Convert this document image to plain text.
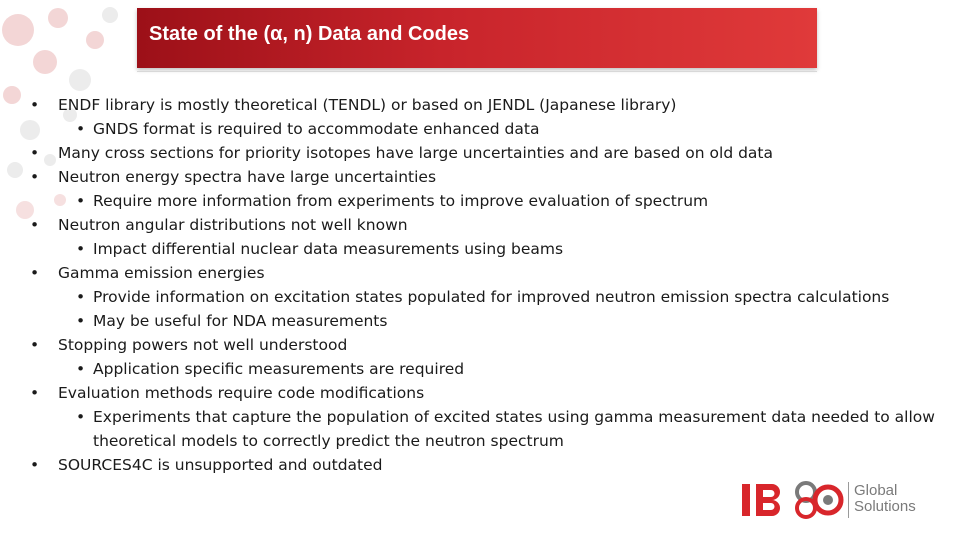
State of the (α, n) Data and Codes
• ENDF library is mostly theoretical (TENDL) or based on JENDL (Japanese library)
• GNDS format is required to accommodate enhanced data
• Many cross sections for priority isotopes have large uncertainties and are based on old data
• Neutron energy spectra have large uncertainties
• Require more information from experiments to improve evaluation of spectrum
• Neutron angular distributions not well known
• Impact differential nuclear data measurements using beams
• Gamma emission energies
• Provide information on excitation states populated for improved neutron emission spectra calculations
• May be useful for NDA measurements
• Stopping powers not well understood
• Application specific measurements are required
• Evaluation methods require code modifications
• Experiments that capture the population of excited states using gamma measurement data needed to allow theoretical models to correctly predict the neutron spectrum
• SOURCES4C is unsupported and outdated
Global
Solutions
